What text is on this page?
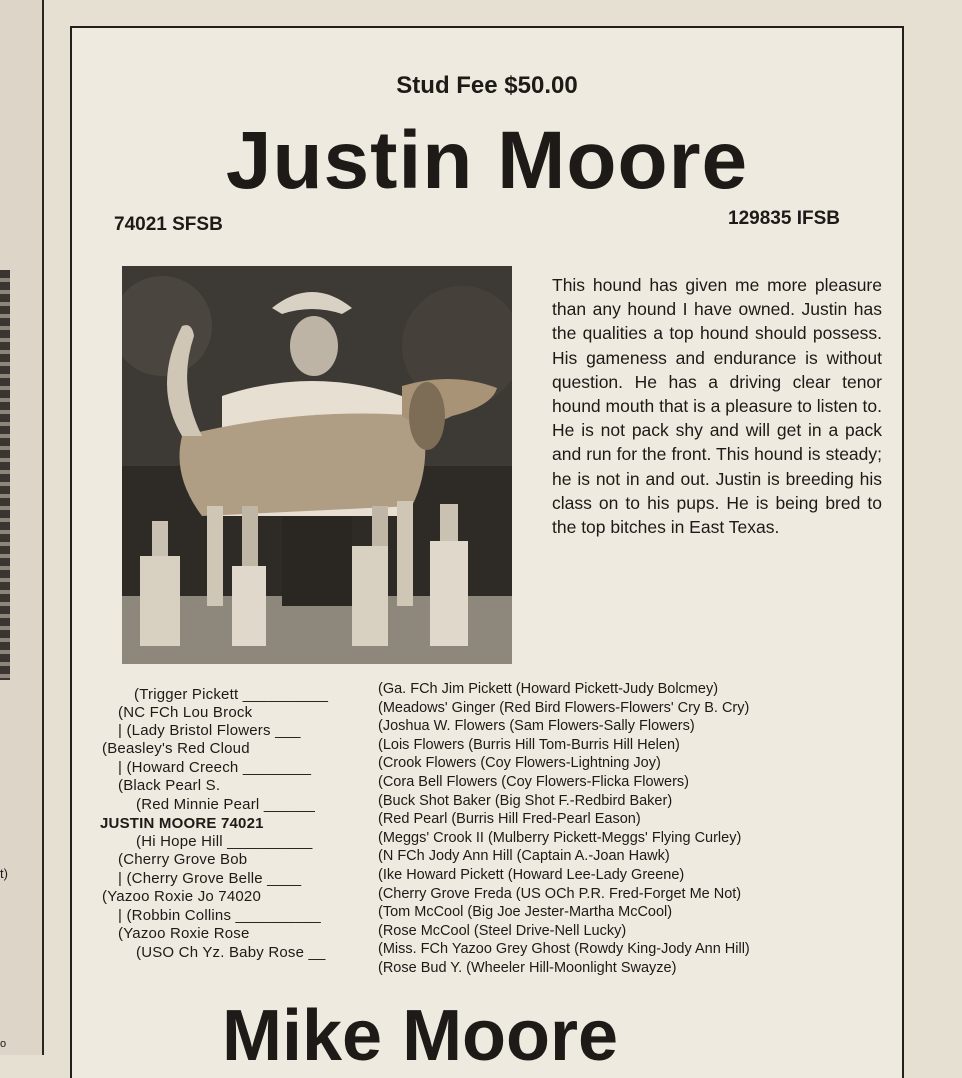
t)
o
Stud Fee $50.00
Justin Moore
74021 SFSB	129835 IFSB
This hound has given me more pleasure than any hound I have owned. Justin has the qualities a top hound should possess. His gameness and endurance is without question. He has a driving clear tenor hound mouth that is a pleasure to listen to. He is not pack shy and will get in a pack and run for the front. This hound is steady; he is not in and out. Justin is breeding his class on to his pups. He is being bred to the top bitches in East Texas.
(Trigger Pickett __________
(NC FCh Lou Brock
| (Lady Bristol Flowers ___
(Beasley's Red Cloud
| (Howard Creech ________
(Black Pearl S.
(Red Minnie Pearl ______
JUSTIN MOORE 74021
(Hi Hope Hill __________
(Cherry Grove Bob
| (Cherry Grove Belle ____
(Yazoo Roxie Jo 74020
| (Robbin Collins __________
(Yazoo Roxie Rose
(USO Ch Yz. Baby Rose __
(Ga. FCh Jim Pickett (Howard Pickett-Judy Bolcmey)
(Meadows' Ginger (Red Bird Flowers-Flowers' Cry B. Cry)
(Joshua W. Flowers (Sam Flowers-Sally Flowers)
(Lois Flowers (Burris Hill Tom-Burris Hill Helen)
(Crook Flowers (Coy Flowers-Lightning Joy)
(Cora Bell Flowers (Coy Flowers-Flicka Flowers)
(Buck Shot Baker (Big Shot F.-Redbird Baker)
(Red Pearl (Burris Hill Fred-Pearl Eason)
(Meggs' Crook II (Mulberry Pickett-Meggs' Flying Curley)
(N FCh Jody Ann Hill (Captain A.-Joan Hawk)
(Ike Howard Pickett (Howard Lee-Lady Greene)
(Cherry Grove Freda (US OCh P.R. Fred-Forget Me Not)
(Tom McCool (Big Joe Jester-Martha McCool)
(Rose McCool (Steel Drive-Nell Lucky)
(Miss. FCh Yazoo Grey Ghost (Rowdy King-Jody Ann Hill)
(Rose Bud Y. (Wheeler Hill-Moonlight Swayze)
Mike Moore
